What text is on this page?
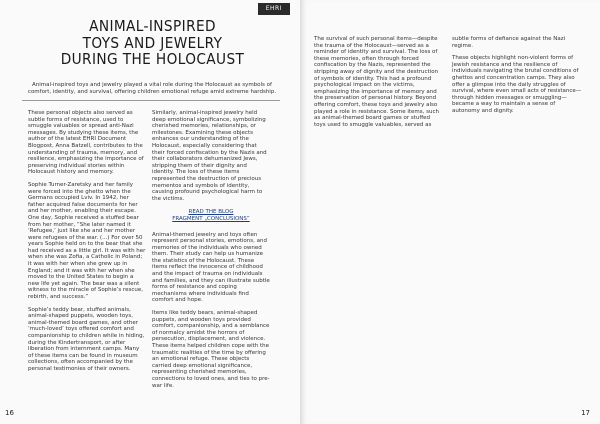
EHRI
ANIMAL-INSPIRED
TOYS AND JEWELRY
DURING THE HOLOCAUST
Animal-inspired toys and jewelry played a vital role during the Holocaust as symbols of comfort, identity, and survival, offering children emotional refuge amid extreme hardship.

These personal objects also served as subtle forms of resistance, used to smuggle valuables or spread anti-Nazi messages. By studying these items, the author of the latest EHRI Document Blogpost, Anna Batzell, contributes to the understanding of trauma, memory, and resilience, emphasizing the importance of preserving individual stories within Holocaust history and memory.

Sophie Turner-Zaretsky and her family were forced into the ghetto when the Germans occupied Lviv. In 1942, her father acquired false documents for her and her mother, enabling their escape. One day, Sophie received a stuffed bear from her mother, “She later named it ‘Refugee,’ just like she and her mother were refugees of the war. (...) For over 50 years Sophie held on to the bear that she had received as a little girl. It was with her when she was Zofia, a Catholic in Poland; it was with her when she grew up in England; and it was with her when she moved to the United States to begin a new life yet again. The bear was a silent witness to the miracle of Sophie’s rescue, rebirth, and success.”

Sophie’s teddy bear, stuffed animals, animal-shaped puppets, wooden toys, animal-themed board games, and other ‘much-loved’ toys offered comfort and companionship to children while in hiding, during the Kindertransport, or after liberation from internment camps. Many of these items can be found in museum collections, often accompanied by the personal testimonies of their owners.

Similarly, animal-inspired jewelry held deep emotional significance, symbolizing cherished memories, relationships, or milestones. Examining these objects enhances our understanding of the Holocaust, especially considering that their forced confiscation by the Nazis and their collaborators dehumanized Jews, stripping them of their dignity and identity. The loss of these items represented the destruction of precious mementos and symbols of identity, causing profound psychological harm to the victims.

READ THE BLOG
FRAGMENT „CONCLUSIONS”

Animal-themed jewelry and toys often represent personal stories, emotions, and memories of the individuals who owned them. Their study can help us humanize the statistics of the Holocaust. These items reflect the innocence of childhood and the impact of trauma on individuals and families, and they can illustrate subtle forms of resistance and coping mechanisms where individuals find comfort and hope.

Items like teddy bears, animal-shaped puppets, and wooden toys provided comfort, companionship, and a semblance of normalcy amidst the horrors of persecution, displacement, and violence. These items helped children cope with the traumatic realities of the time by offering an emotional refuge. These objects carried deep emotional significance, representing cherished memories, connections to loved ones, and ties to pre-war life.

16

The survival of such personal items—despite the trauma of the Holocaust—served as a reminder of identity and survival. The loss of these memories, often through forced confiscation by the Nazis, represented the stripping away of dignity and the destruction of symbols of identity. This had a profound psychological impact on the victims, emphasizing the importance of memory and the preservation of personal history. Beyond offering comfort, these toys and jewelry also played a role in resistance. Some items, such as animal-themed board games or stuffed toys used to smuggle valuables, served as

subtle forms of defiance against the Nazi regime.

These objects highlight non-violent forms of Jewish resistance and the resilience of individuals navigating the brutal conditions of ghettos and concentration camps. They also offer a glimpse into the daily struggles of survival, where even small acts of resistance—through hidden messages or smuggling—became a way to maintain a sense of autonomy and dignity.

17
